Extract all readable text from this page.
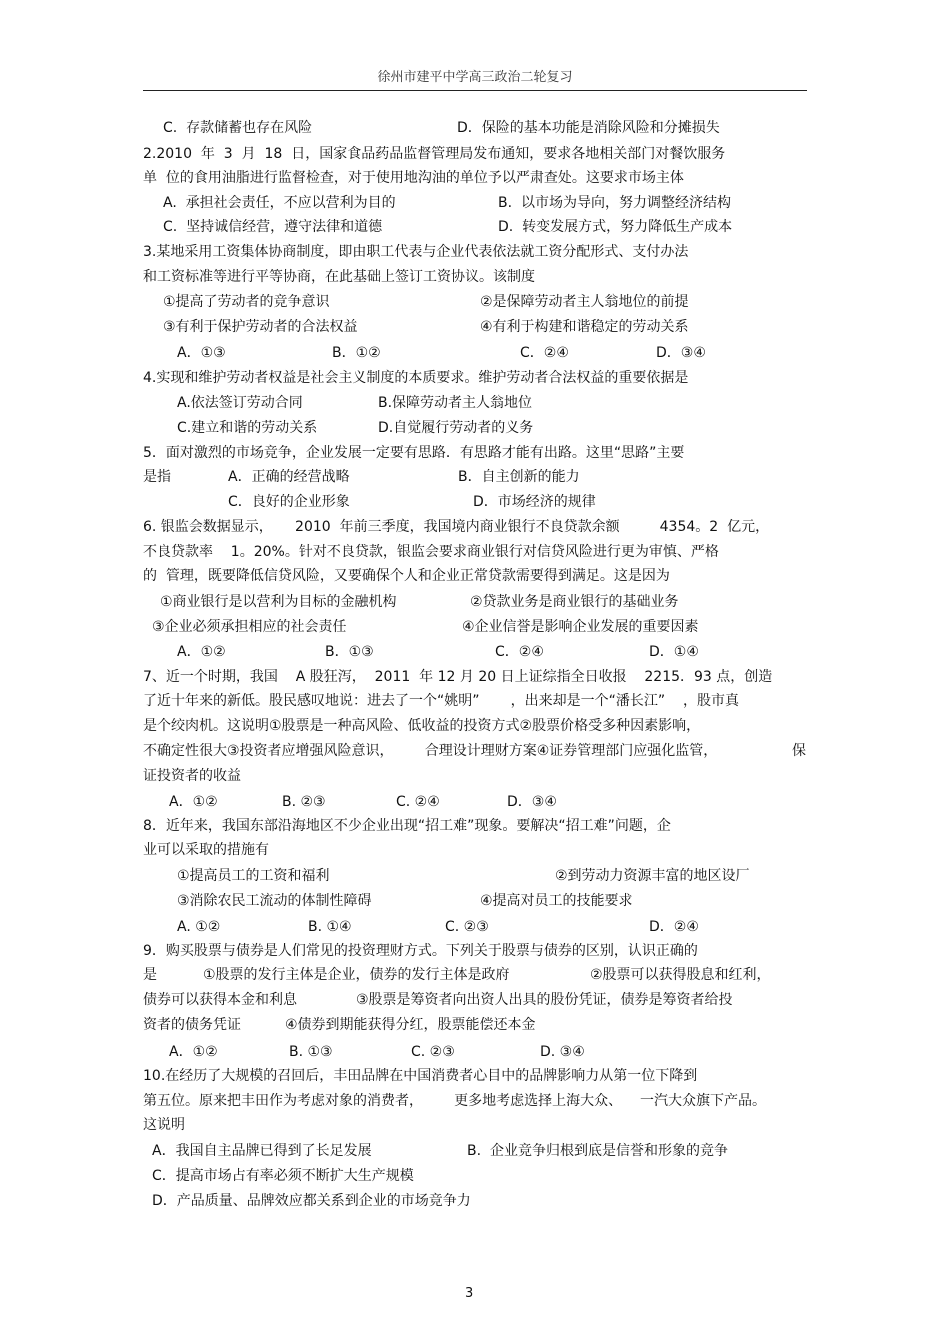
徐州市建平中学高三政治二轮复习
C.  存款储蓄也存在风险	D．保险的基本功能是消除风险和分摊损失
2.2010  年  3  月  18  日，国家食品药品监督管理局发布通知，要求各地相关部门对餐饮服务
单  位的食用油脂进行监督检查，对于使用地沟油的单位予以严肃查处。这要求市场主体
A.  承担社会责任，不应以营利为目的	B.  以市场为导向，努力调整经济结构
C.  坚持诚信经营，遵守法律和道德	D.  转变发展方式，努力降低生产成本
3.某地采用工资集体协商制度，即由职工代表与企业代表依法就工资分配形式、支付办法
和工资标准等进行平等协商，在此基础上签订工资协议。该制度
①提高了劳动者的竞争意识	②是保障劳动者主人翁地位的前提
③有利于保护劳动者的合法权益	④有利于构建和谐稳定的劳动关系
A．①③	B．①②	C．②④	D．③④
4.实现和维护劳动者权益是社会主义制度的本质要求。维护劳动者合法权益的重要依据是
A.依法签订劳动合同	B.保障劳动者主人翁地位
C.建立和谐的劳动关系	D.自觉履行劳动者的义务
5．面对激烈的市场竞争，企业发展一定要有思路．有思路才能有出路。这里“思路”主要
是指	A．正确的经营战略	B．自主创新的能力
C．良好的企业形象	D．市场经济的规律
6. 银监会数据显示，     2010  年前三季度，我国境内商业银行不良贷款余额         4354。2  亿元，
不良贷款率    1。20%。针对不良贷款，银监会要求商业银行对信贷风险进行更为审慎、严格
的  管理，既要降低信贷风险，又要确保个人和企业正常贷款需要得到满足。这是因为
①商业银行是以营利为目标的金融机构	②贷款业务是商业银行的基础业务
③企业必须承担相应的社会责任	④企业信誉是影响企业发展的重要因素
A．①②	B．①③	C．②④	D．①④
7、近一个时期，我国    A 股狂泻，  2011  年 12 月 20 日上证综指全日收报    2215．93 点，创造
了近十年来的新低。股民感叹地说：进去了一个“姚明”       ，出来却是一个“潘长江”    ，股市真
是个绞肉机。这说明①股票是一种高风险、低收益的投资方式②股票价格受多种因素影响，
不确定性很大③投资者应增强风险意识，       合理设计理财方案④证券管理部门应强化监管，	保
证投资者的收益
A．①②	B. ②③	C. ②④	D．③④
8．近年来，我国东部沿海地区不少企业出现“招工难”现象。要解决“招工难”问题，企
业可以采取的措施有
①提高员工的工资和福利	②到劳动力资源丰富的地区设厂
③消除农民工流动的体制性障碍	④提高对员工的技能要求
A. ①②	B. ①④	C. ②③	D．②④
9．购买股票与债券是人们常见的投资理财方式。下列关于股票与债券的区别，认识正确的
是	①股票的发行主体是企业，债券的发行主体是政府	②股票可以获得股息和红利，
债券可以获得本金和利息	③股票是筹资者向出资人出具的股份凭证，债券是筹资者给投
资者的债务凭证	④债券到期能获得分红，股票能偿还本金
A．①②	B. ①③	C. ②③	D. ③④
10.在经历了大规模的召回后，丰田品牌在中国消费者心目中的品牌影响力从第一位下降到
第五位。原来把丰田作为考虑对象的消费者，       更多地考虑选择上海大众、    一汽大众旗下产品。
这说明
A．我国自主品牌已得到了长足发展	B.  企业竞争归根到底是信誉和形象的竞争
C．提高市场占有率必须不断扩大生产规模
D．产品质量、品牌效应都关系到企业的市场竞争力
3
